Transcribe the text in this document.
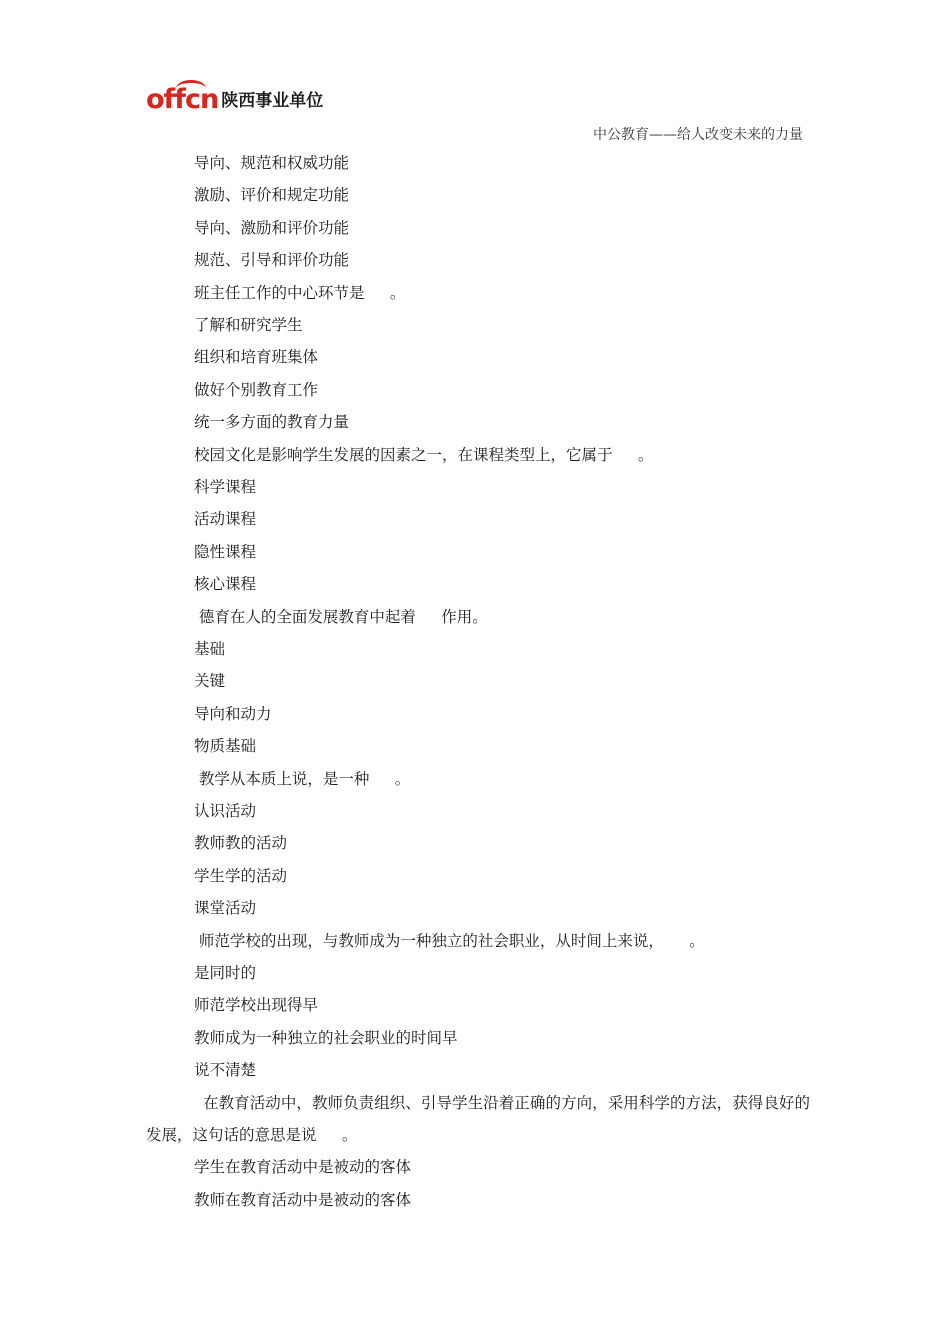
offcn 陕西事业单位
中公教育——给人改变未来的力量
导向、规范和权威功能
激励、评价和规定功能
导向、激励和评价功能
规范、引导和评价功能
班主任工作的中心环节是 　 。
了解和研究学生
组织和培育班集体
做好个别教育工作
统一多方面的教育力量
校园文化是影响学生发展的因素之一，在课程类型上，它属于 　 。
科学课程
活动课程
隐性课程
核心课程
德育在人的全面发展教育中起着 　 作用。
基础
关键
导向和动力
物质基础
教学从本质上说，是一种 　 。
认识活动
教师教的活动
学生学的活动
课堂活动
师范学校的出现，与教师成为一种独立的社会职业，从时间上来说， 　 。
是同时的
师范学校出现得早
教师成为一种独立的社会职业的时间早
说不清楚
在教育活动中，教师负责组织、引导学生沿着正确的方向，采用科学的方法，获得良好的发展，这句话的意思是说 　 。
学生在教育活动中是被动的客体
教师在教育活动中是被动的客体
